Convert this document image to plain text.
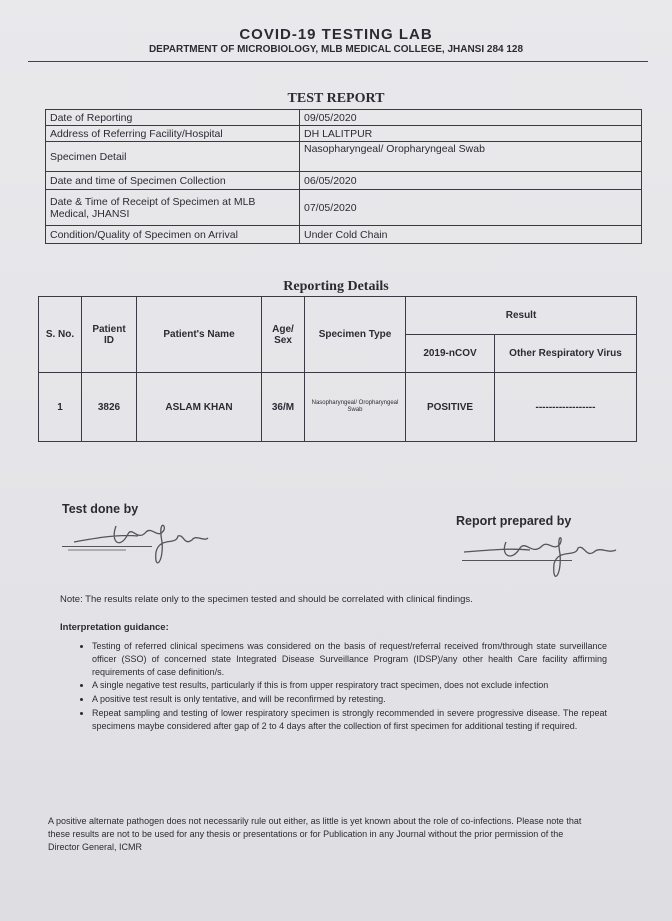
COVID-19 TESTING LAB
DEPARTMENT OF MICROBIOLOGY, MLB MEDICAL COLLEGE, JHANSI 284 128
TEST REPORT
Date of Reporting	09/05/2020
Address of Referring Facility/Hospital	DH LALITPUR
Specimen Detail	Nasopharyngeal/ Oropharyngeal Swab
Date and time of Specimen Collection	06/05/2020
Date & Time of Receipt of Specimen at MLB Medical, JHANSI	07/05/2020
Condition/Quality of Specimen on Arrival	Under Cold Chain
Reporting Details
S. No.	Patient ID	Patient's Name	Age/ Sex	Specimen Type	Result	
					2019-nCOV	Other Respiratory Virus
1	3826	ASLAM KHAN	36/M	Nasopharyngeal/ Oropharyngeal Swab	POSITIVE	------------------
Test done by
Report prepared by
Note: The results relate only to the specimen tested and should be correlated with clinical findings.
Interpretation guidance:
• Testing of referred clinical specimens was considered on the basis of request/referral received from/through state surveillance officer (SSO) of concerned state Integrated Disease Surveillance Program (IDSP)/any other health Care facility affirming requirements of case definition/s.
• A single negative test results, particularly if this is from upper respiratory tract specimen, does not exclude infection
• A positive test result is only tentative, and will be reconfirmed by retesting.
• Repeat sampling and testing of lower respiratory specimen is strongly recommended in severe progressive disease. The repeat specimens maybe considered after gap of 2 to 4 days after the collection of first specimen for additional testing if required.
A positive alternate pathogen does not necessarily rule out either, as little is yet known about the role of co-infections. Please note that these results are not to be used for any thesis or presentations or for Publication in any Journal without the prior permission of the Director General, ICMR
